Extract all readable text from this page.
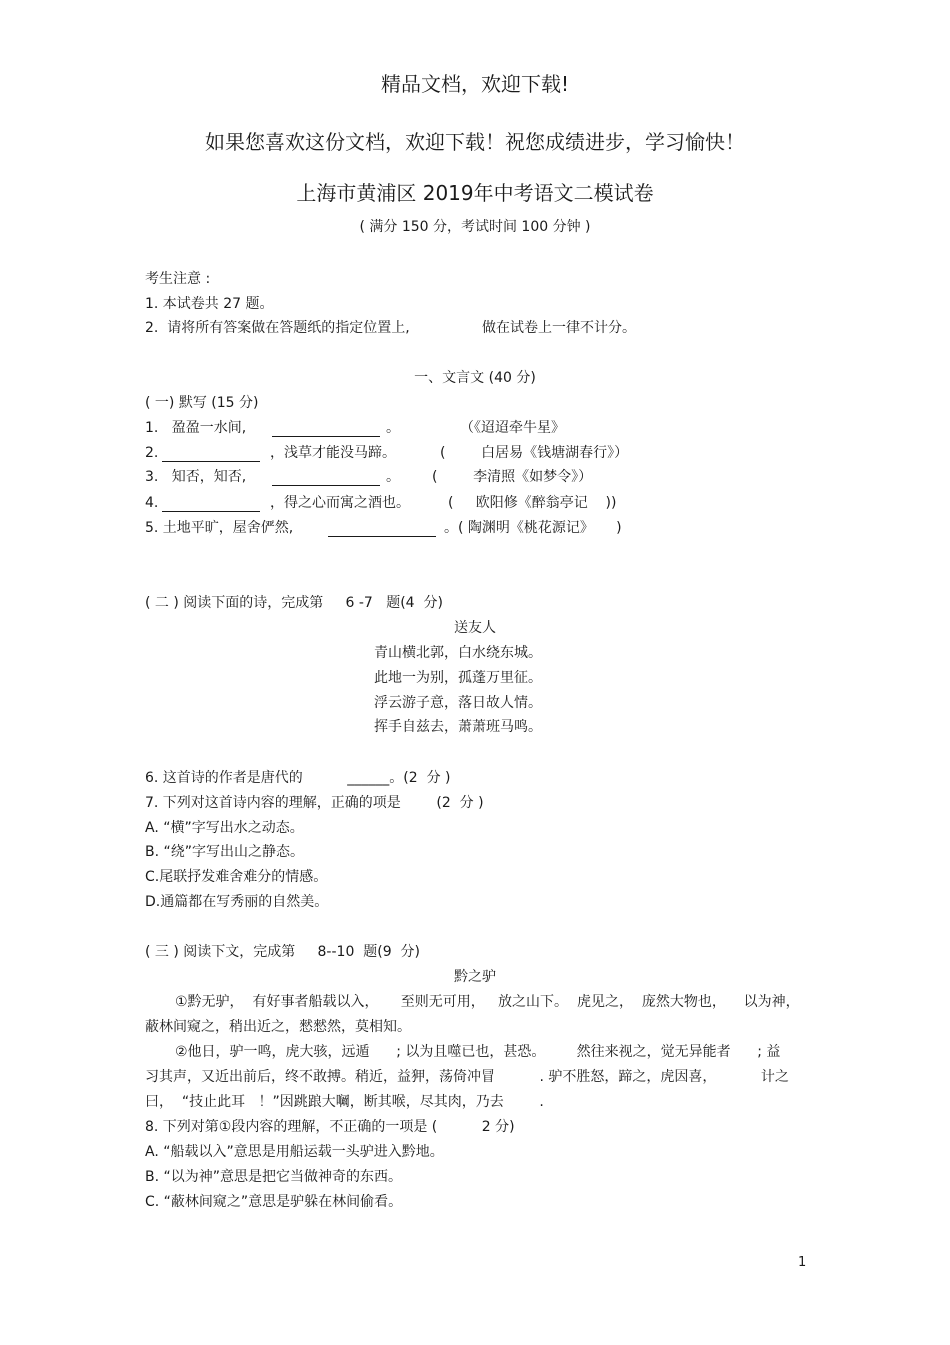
精品文档，欢迎下载!
如果您喜欢这份文档，欢迎下载！祝您成绩进步，学习愉快！
上海市黄浦区 2019年中考语文二模试卷
( 满分 150 分，考试时间 100 分钟 )
考生注意 :
1. 本试卷共 27 题。
2.  请将所有答案做在答题纸的指定位置上,	做在试卷上一律不计分。
一、文言文 (40 分)
( 一) 默写 (15 分)
1.   盈盈一水间,	。	（《迢迢牵牛星》
2.	，浅草才能没马蹄。	(        白居易《钱塘湖春行》）
3.   知否，知否,	。 (        李清照《如梦令》）
4.	，得之心而寓之酒也。	(     欧阳修《醉翁亭记    ))
5. 土地平旷，屋舍俨然,	。( 陶渊明《桃花源记》     )
( 二 ) 阅读下面的诗，完成第     6 -7   题(4  分)
送友人
青山横北郭，白水绕东城。
此地一为别，孤蓬万里征。
浮云游子意，落日故人情。
挥手自兹去，萧萧班马鸣。
6. 这首诗的作者是唐代的          ______。(2  分 )
7. 下列对这首诗内容的理解，正确的项是        (2  分 )
A. “横”字写出水之动态。
B. “绕”字写出山之静态。
C.尾联抒发难舍难分的情感。
D.通篇都在写秀丽的自然美。
( 三 ) 阅读下文，完成第     8--10  题(9  分)
黔之驴
①黔无驴，  有好事者船载以入，     至则无可用，   放之山下。  虎见之，  庞然大物也，    以为神，
蔽林间窥之，稍出近之，憖憖然，莫相知。
②他日，驴一鸣，虎大骇，远遁      ; 以为且噬已也，甚恐。       然往来视之，觉无异能者      ; 益
习其声，又近出前后，终不敢搏。稍近，益狎，荡倚冲冒          . 驴不胜怒，蹄之，虎因喜，          计之
曰，  “技止此耳   ！”因跳踉大㘎，断其喉，尽其肉，乃去        .
8. 下列对第①段内容的理解，不正确的一项是 (          2 分)
A. “船载以入”意思是用船运载一头驴进入黔地。
B. “以为神”意思是把它当做神奇的东西。
C. “蔽林间窥之”意思是驴躲在林间偷看。
1
